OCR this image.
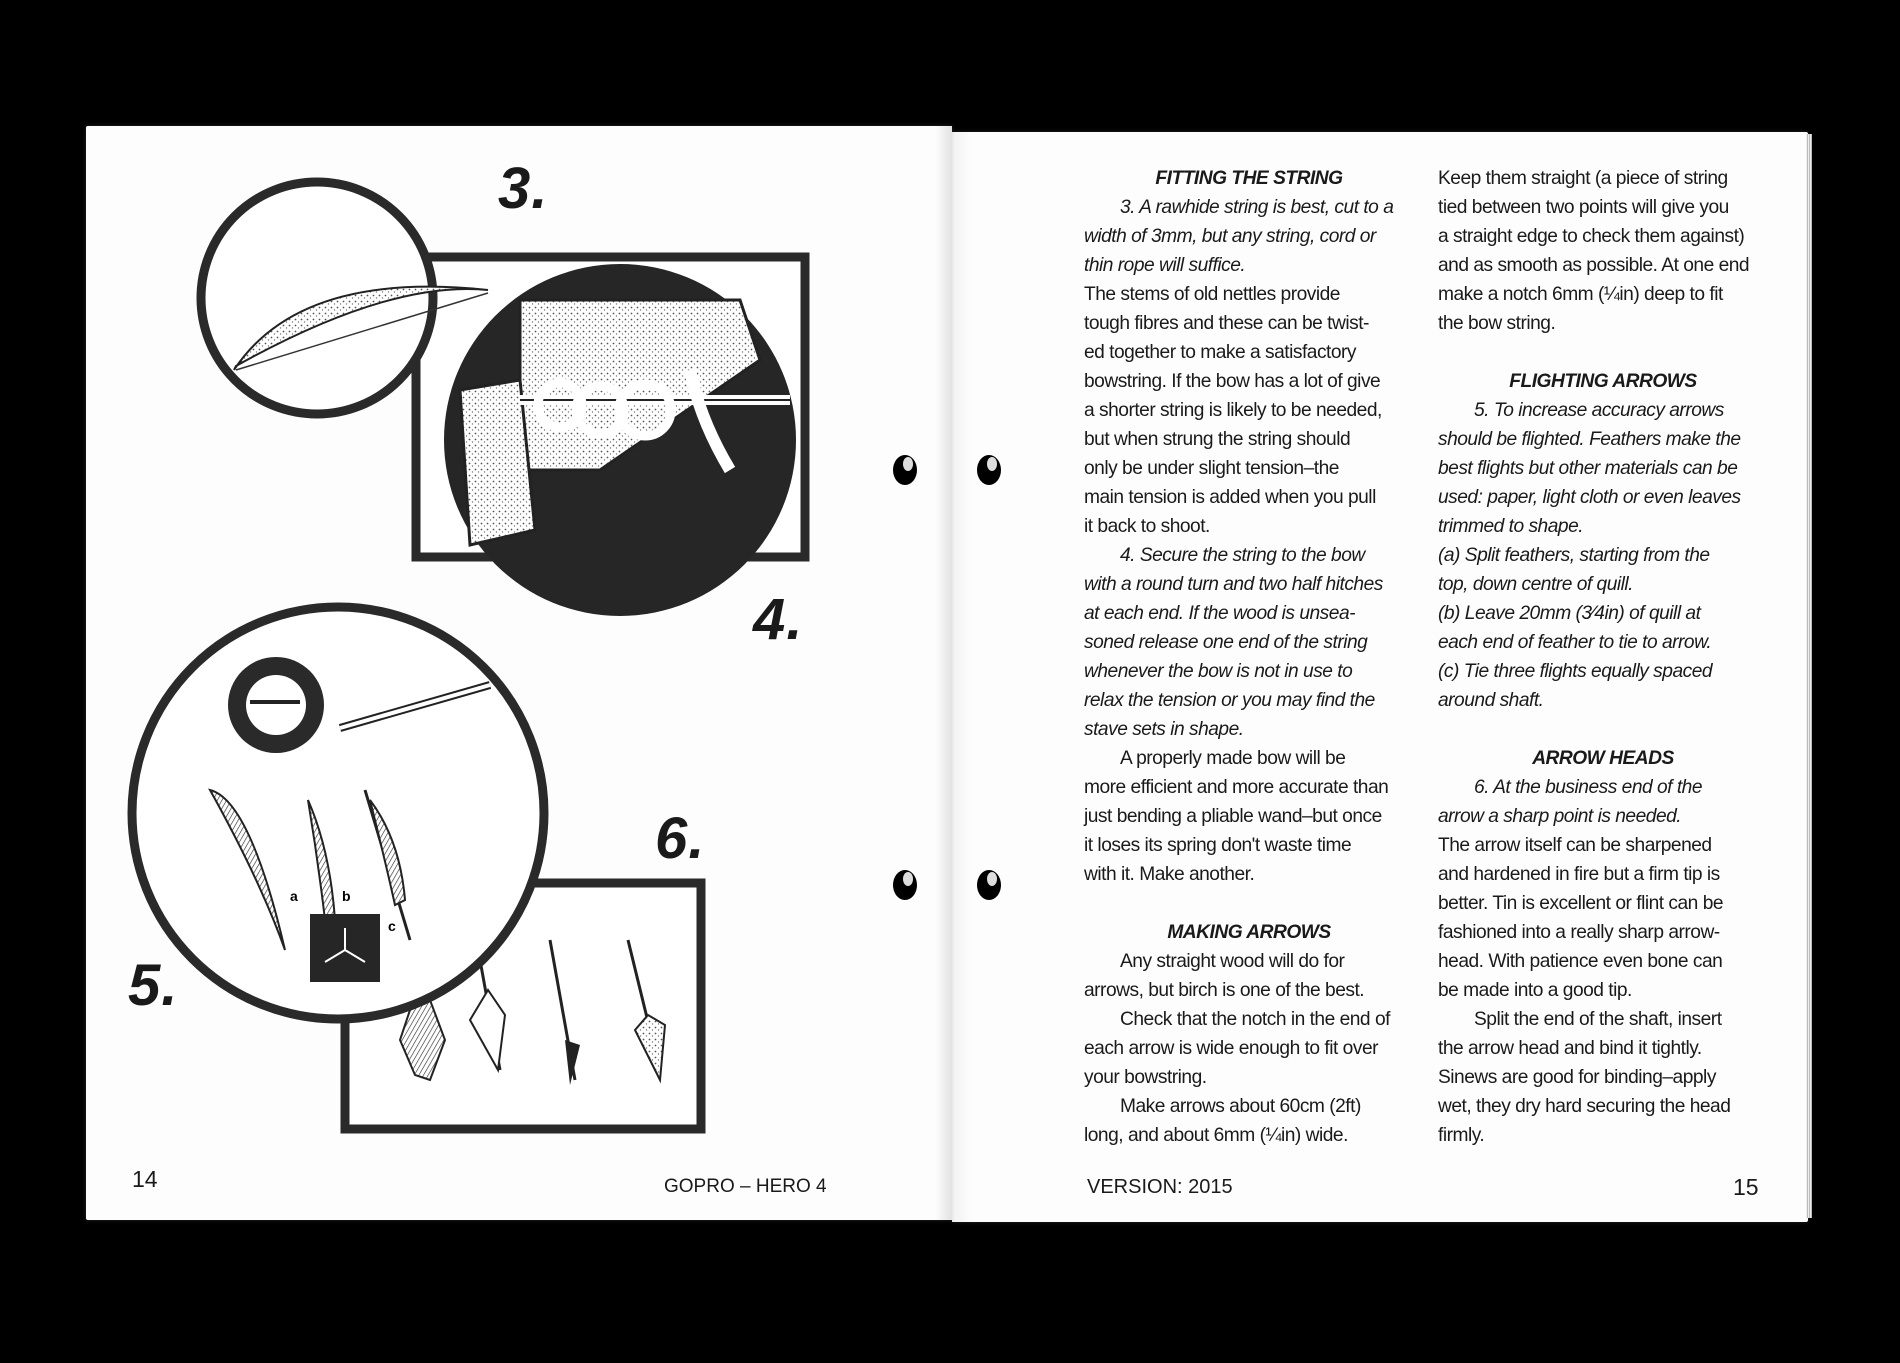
3.
4.
5.
6.
a	b
c
14	GOPRO – HERO 4

FITTING THE STRING

3. A rawhide string is best, cut to a

width of 3mm, but any string, cord or

thin rope will suffice.

The stems of old nettles provide

tough fibres and these can be twist-

ed together to make a satisfactory

bowstring. If the bow has a lot of give

a shorter string is likely to be needed,

but when strung the string should

only be under slight tension–the

main tension is added when you pull

it back to shoot.

4. Secure the string to the bow

with a round turn and two half hitches

at each end. If the wood is unsea-

soned release one end of the string

whenever the bow is not in use to

relax the tension or you may find the

stave sets in shape.

A properly made bow will be

more efficient and more accurate than

just bending a pliable wand–but once

it loses its spring don't waste time

with it. Make another.

MAKING ARROWS

Any straight wood will do for

arrows, but birch is one of the best.

Check that the notch in the end of

each arrow is wide enough to fit over

your bowstring.

Make arrows about 60cm (2ft)

long, and about 6mm (¼in) wide.

Keep them straight (a piece of string

tied between two points will give you

a straight edge to check them against)

and as smooth as possible. At one end

make a notch 6mm (¼in) deep to fit

the bow string.

FLIGHTING ARROWS

5. To increase accuracy arrows

should be flighted. Feathers make the

best flights but other materials can be

used: paper, light cloth or even leaves

trimmed to shape.

(a) Split feathers, starting from the

top, down centre of quill.

(b) Leave 20mm (3⁄4in) of quill at

each end of feather to tie to arrow.

(c) Tie three flights equally spaced

around shaft.

ARROW HEADS

6. At the business end of the

arrow a sharp point is needed.

The arrow itself can be sharpened

and hardened in fire but a firm tip is

better. Tin is excellent or flint can be

fashioned into a really sharp arrow-

head. With patience even bone can

be made into a good tip.

Split the end of the shaft, insert

the arrow head and bind it tightly.

Sinews are good for binding–apply

wet, they dry hard securing the head

firmly.

VERSION: 2015	15
